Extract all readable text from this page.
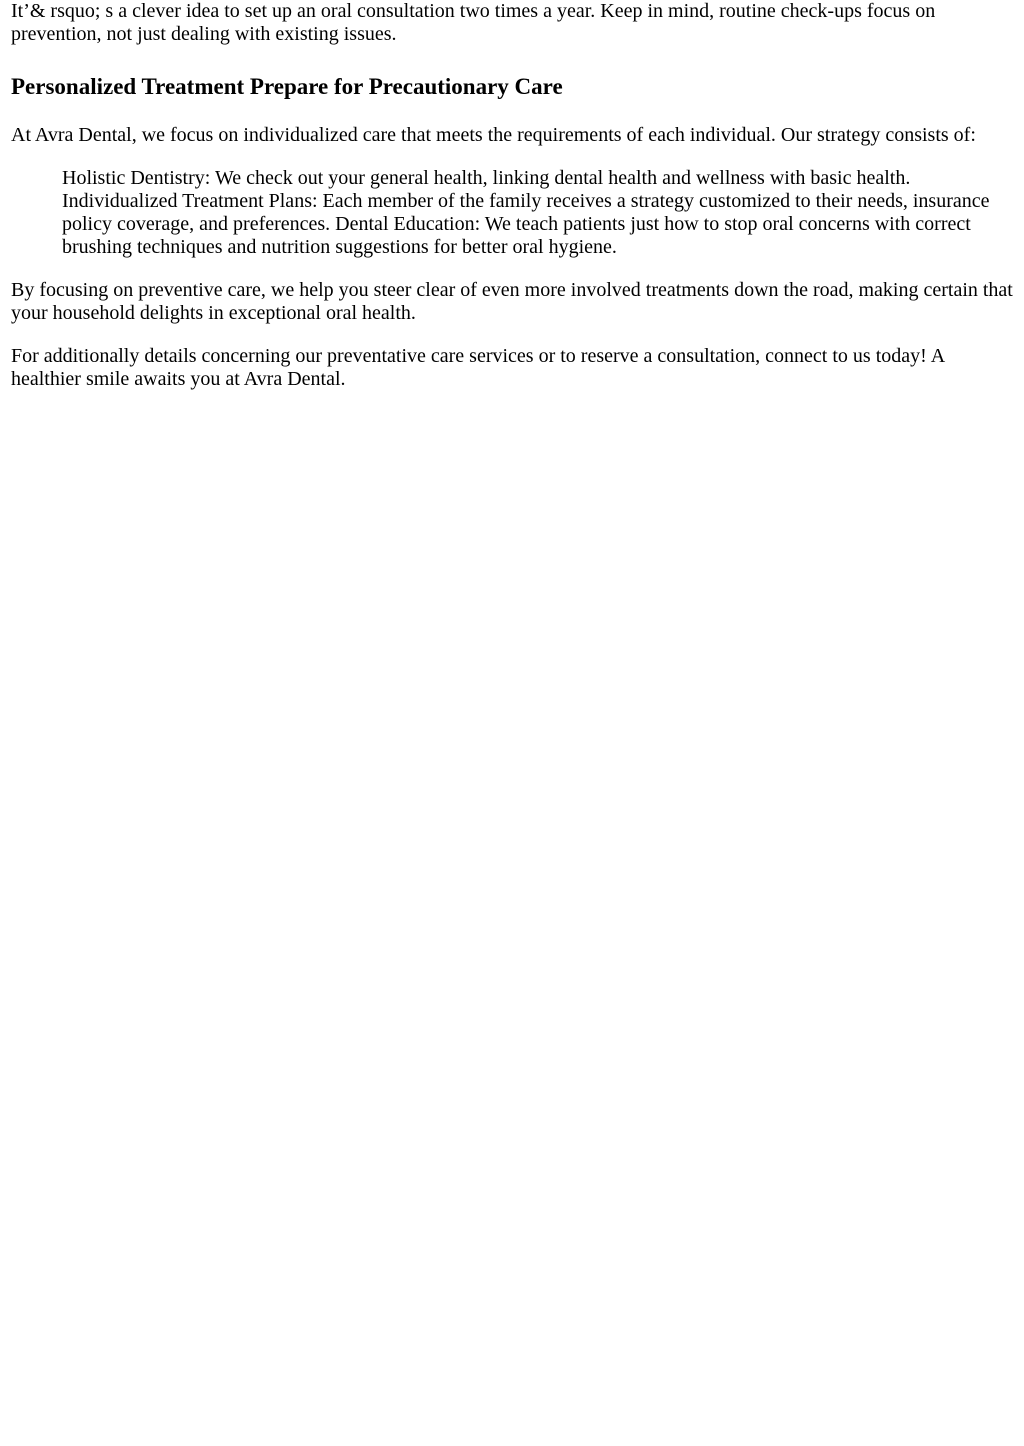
It’& rsquo; s a clever idea to set up an oral consultation two times a year. Keep in mind, routine check-ups focus on prevention, not just dealing with existing issues.

Personalized Treatment Prepare for Precautionary Care

At Avra Dental, we focus on individualized care that meets the requirements of each individual. Our strategy consists of:

Holistic Dentistry: We check out your general health, linking dental health and wellness with basic health. Individualized Treatment Plans: Each member of the family receives a strategy customized to their needs, insurance policy coverage, and preferences. Dental Education: We teach patients just how to stop oral concerns with correct brushing techniques and nutrition suggestions for better oral hygiene.

By focusing on preventive care, we help you steer clear of even more involved treatments down the road, making certain that your household delights in exceptional oral health.

For additionally details concerning our preventative care services or to reserve a consultation, connect to us today! A healthier smile awaits you at Avra Dental.
